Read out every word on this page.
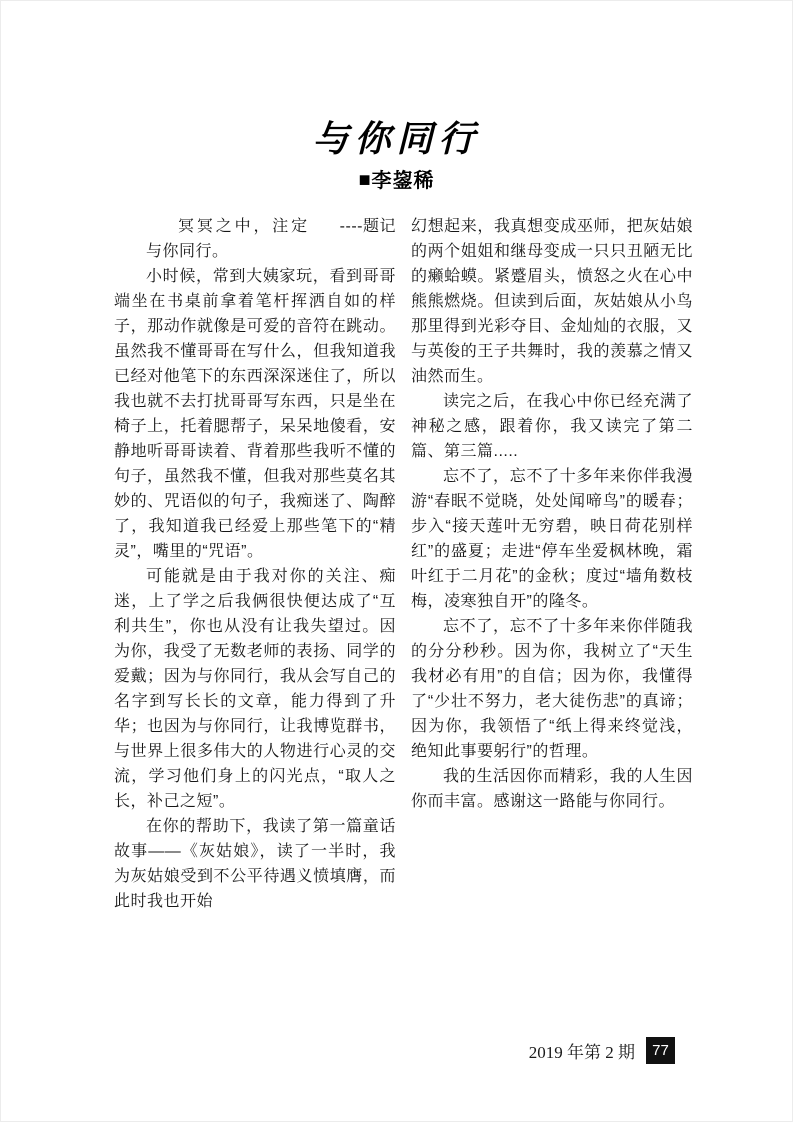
与你同行
■李鋆稀

冥冥之中，注定与你同行。
----题记

小时候，常到大姨家玩，看到哥哥端坐在书桌前拿着笔杆挥洒自如的样子，那动作就像是可爱的音符在跳动。虽然我不懂哥哥在写什么，但我知道我已经对他笔下的东西深深迷住了，所以我也就不去打扰哥哥写东西，只是坐在椅子上，托着腮帮子，呆呆地傻看，安静地听哥哥读着、背着那些我听不懂的句子，虽然我不懂，但我对那些莫名其妙的、咒语似的句子，我痴迷了、陶醉了，我知道我已经爱上那些笔下的“精灵”，嘴里的“咒语”。

可能就是由于我对你的关注、痴迷，上了学之后我俩很快便达成了“互利共生”，你也从没有让我失望过。因为你，我受了无数老师的表扬、同学的爱戴；因为与你同行，我从会写自己的名字到写长长的文章，能力得到了升华；也因为与你同行，让我博览群书，与世界上很多伟大的人物进行心灵的交流，学习他们身上的闪光点，“取人之长，补己之短”。

在你的帮助下，我读了第一篇童话故事——《灰姑娘》，读了一半时，我为灰姑娘受到不公平待遇义愤填膺，而此时我也开始

幻想起来，我真想变成巫师，把灰姑娘的两个姐姐和继母变成一只只丑陋无比的癞蛤蟆。紧蹙眉头，愤怒之火在心中熊熊燃烧。但读到后面，灰姑娘从小鸟那里得到光彩夺目、金灿灿的衣服，又与英俊的王子共舞时，我的羡慕之情又油然而生。

读完之后，在我心中你已经充满了神秘之感，跟着你，我又读完了第二篇、第三篇.....

忘不了，忘不了十多年来你伴我漫游“春眠不觉晓，处处闻啼鸟”的暖春；步入“接天莲叶无穷碧，映日荷花别样红”的盛夏；走进“停车坐爱枫林晚，霜叶红于二月花”的金秋；度过“墙角数枝梅，凌寒独自开”的隆冬。

忘不了，忘不了十多年来你伴随我的分分秒秒。因为你，我树立了“天生我材必有用”的自信；因为你，我懂得了“少壮不努力，老大徒伤悲”的真谛；因为你，我领悟了“纸上得来终觉浅，绝知此事要躬行”的哲理。

我的生活因你而精彩，我的人生因你而丰富。感谢这一路能与你同行。

2019 年第 2 期	77
